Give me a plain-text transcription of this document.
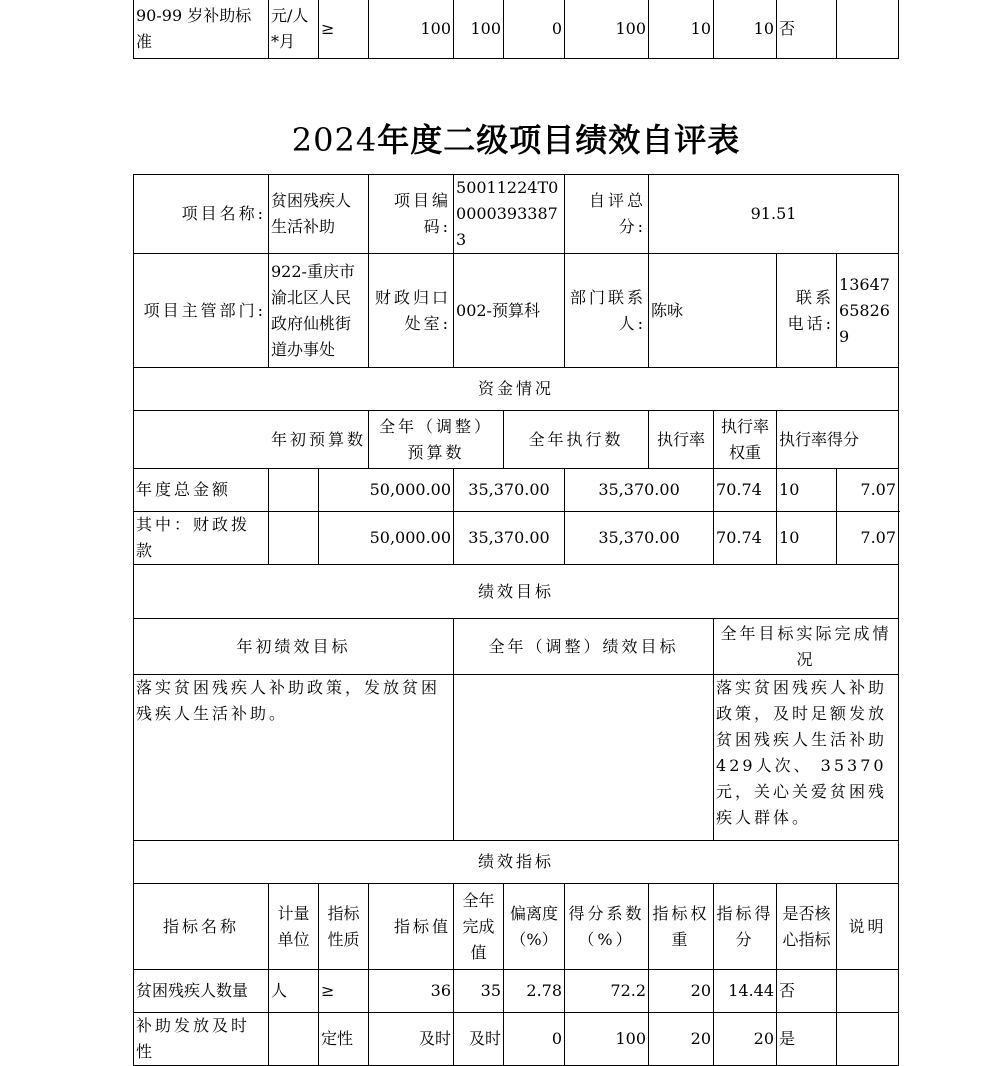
90-99 岁补助标准	元/人*月	≥	100	100	0	100	10	10	否	
2024年度二级项目绩效自评表
项目名称:	贫困残疾人生活补助		项目编码:	50011224T000003933873		自评总分:	91.51			
项目主管部门:	922-重庆市渝北区人民政府仙桃街道办事处		财政归口处室:	002-预算科		部门联系人:	陈咏		联系电话:	13647658269
资金情况										
年初预算数			全年（调整）预算数		全年执行数		执行率	执行率权重	执行率得分	
年度总金额		50,000.00		35,370.00		35,370.00		70.74	10	7.07
其中：财政拨款		50,000.00		35,370.00		35,370.00		70.74	10	7.07
绩效目标										
年初绩效目标				全年（调整）绩效目标				全年目标实际完成情况		
落实贫困残疾人补助政策，发放贫困残疾人生活补助。								落实贫困残疾人补助政策，及时足额发放贫困残疾人生活补助429人次、 35370元，关心关爱贫困残疾人群体。		
绩效指标										
指标名称	计量单位	指标性质	指标值	全年完成值	偏离度（%）	得分系数（%）	指标权重	指标得分	是否核心指标	说明
贫困残疾人数量	人	≥	36	35	2.78	72.2	20	14.44	否	
补助发放及时性		定性	及时	及时	0	100	20	20	是	
